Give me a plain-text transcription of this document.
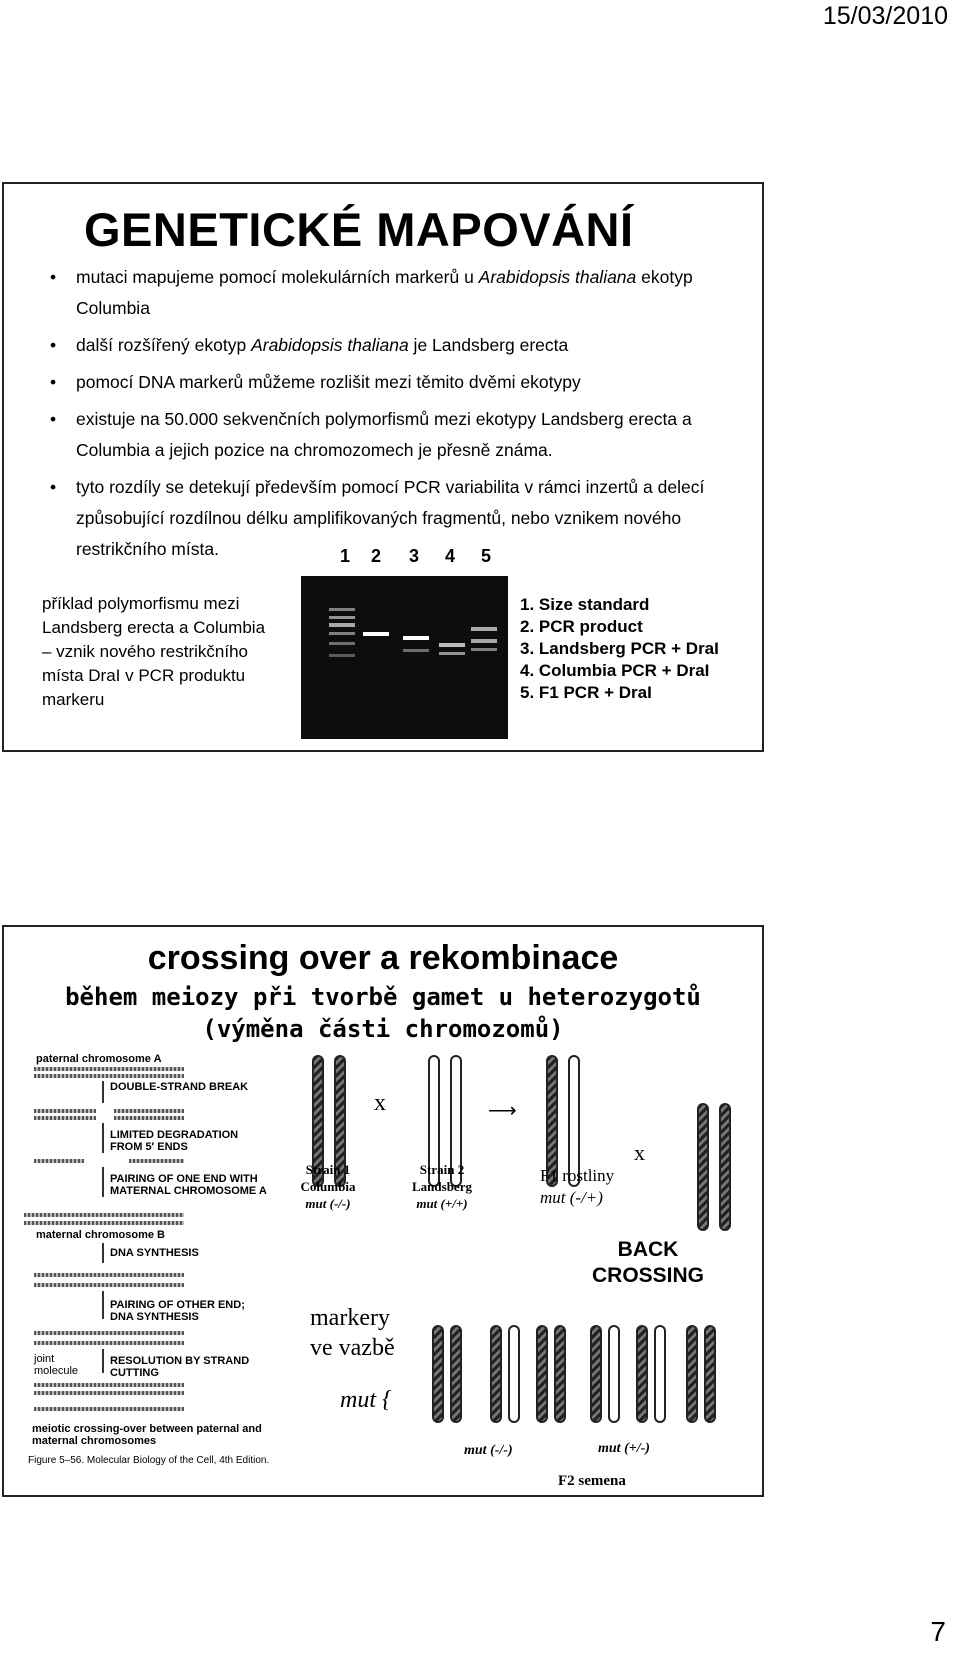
15/03/2010
GENETICKÉ MAPOVÁNÍ
• mutaci mapujeme pomocí molekulárních markerů u Arabidopsis thaliana ekotyp Columbia
• další rozšířený ekotyp Arabidopsis thaliana je Landsberg erecta
• pomocí DNA markerů můžeme rozlišit mezi těmito dvěmi ekotypy
• existuje na 50.000 sekvenčních polymorfismů mezi ekotypy Landsberg erecta a Columbia a jejich pozice na chromozomech je přesně známa.
• tyto rozdíly se detekují především pomocí PCR variabilita v rámci inzertů a delecí způsobující rozdílnou délku amplifikovaných fragmentů, nebo vznikem nového restrikčního místa.
příklad polymorfismu mezi Landsberg erecta a Columbia – vznik nového restrikčního místa DraI v PCR produktu markeru
1 2 3 4 5
1. Size standard
2. PCR product
3. Landsberg PCR + DraI
4. Columbia PCR + DraI
5. F1 PCR + DraI
crossing over a rekombinace
během meiozy při tvorbě gamet u heterozygotů
(výměna části chromozomů)
paternal chromosome A
DOUBLE-STRAND BREAK
LIMITED DEGRADATION FROM 5′ ENDS
PAIRING OF ONE END WITH MATERNAL CHROMOSOME A
maternal chromosome B
DNA SYNTHESIS
PAIRING OF OTHER END; DNA SYNTHESIS
joint molecule
RESOLUTION BY STRAND CUTTING
meiotic crossing-over between paternal and maternal chromosomes
Figure 5–56. Molecular Biology of the Cell, 4th Edition.
x	⟶
x
Strain 1
Columbia
mut (-/-)
Strain 2
Landsberg
mut (+/+)
F1 rostliny
mut (-/+)
BACK
CROSSING
markery
ve vazbě
mut {
mut (-/-)	mut (+/-)
F2 semena
7
